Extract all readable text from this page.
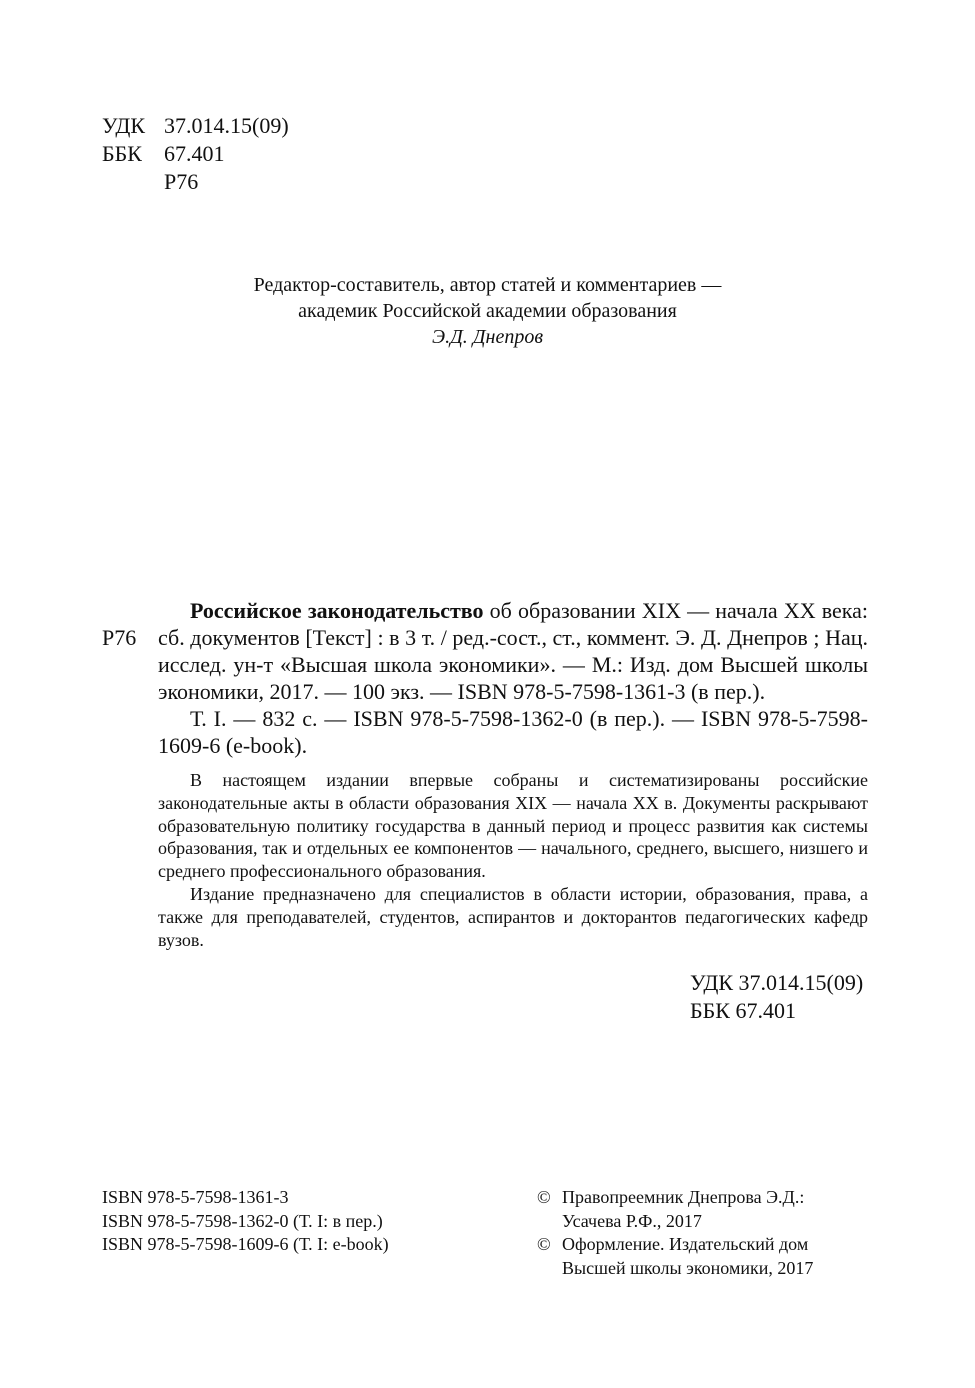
УДК 37.014.15(09)
ББК	67.401
Р76
Редактор-составитель, автор статей и комментариев —
академик Российской академии образования
Э.Д. Днепров
Р76

Российское законодательство об образовании XIX — начала XX века: сб. документов [Текст] : в 3 т. / ред.-сост., ст., коммент. Э. Д. Днепров ; Нац. исслед. ун-т «Высшая школа экономики». — М.: Изд. дом Высшей школы экономики, 2017. — 100 экз. — ISBN 978-5-7598-1361-3 (в пер.).

Т. I. — 832 с. — ISBN 978-5-7598-1362-0 (в пер.). — ISBN 978-5-7598-1609-6 (e-book).

В настоящем издании впервые собраны и систематизированы российские законодательные акты в области образования XIX — начала XX в. Документы раскрывают образовательную политику государства в данный период и процесс развития как системы образования, так и отдельных ее компонентов — начального, среднего, высшего, низшего и среднего профессионального образования.

Издание предназначено для специалистов в области истории, образования, права, а также для преподавателей, студентов, аспирантов и докторантов педагогических кафедр вузов.

УДК 37.014.15(09)
ББК 67.401
ISBN 978-5-7598-1361-3
ISBN 978-5-7598-1362-0 (Т. I: в пер.)
ISBN 978-5-7598-1609-6 (Т. I: e-book)
© Правопреемник Днепрова Э.Д.:
Усачева Р.Ф., 2017
© Оформление. Издательский дом
Высшей школы экономики, 2017
